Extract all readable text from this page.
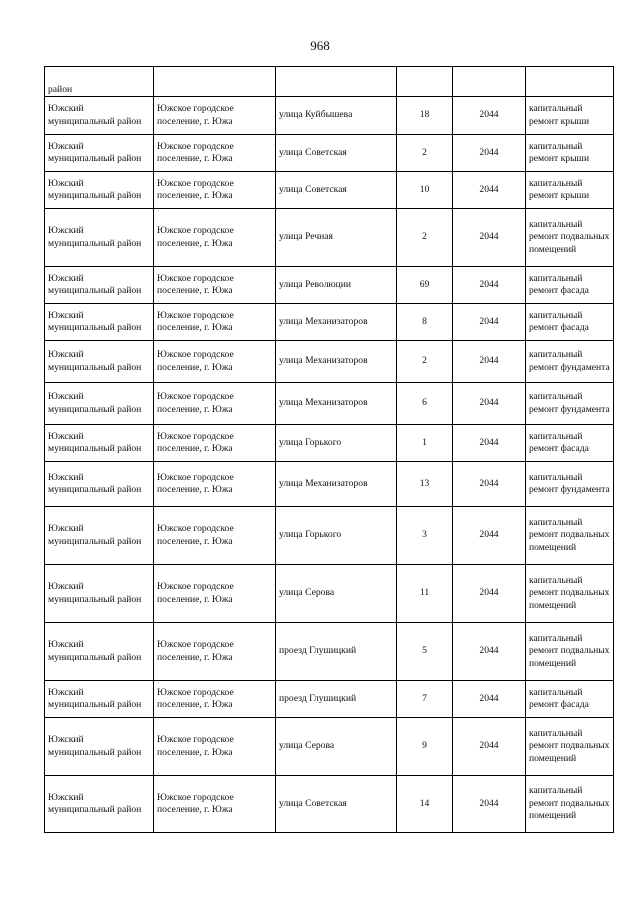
968
район					
Южский муниципальный район	Южское городское поселение, г. Южа	улица Куйбышева	18	2044	капитальный ремонт крыши
Южский муниципальный район	Южское городское поселение, г. Южа	улица Советская	2	2044	капитальный ремонт крыши
Южский муниципальный район	Южское городское поселение, г. Южа	улица Советская	10	2044	капитальный ремонт крыши
Южский муниципальный район	Южское городское поселение, г. Южа	улица Речная	2	2044	капитальный ремонт подвальных помещений
Южский муниципальный район	Южское городское поселение, г. Южа	улица Революции	69	2044	капитальный ремонт фасада
Южский муниципальный район	Южское городское поселение, г. Южа	улица Механизаторов	8	2044	капитальный ремонт фасада
Южский муниципальный район	Южское городское поселение, г. Южа	улица Механизаторов	2	2044	капитальный ремонт фундамента
Южский муниципальный район	Южское городское поселение, г. Южа	улица Механизаторов	6	2044	капитальный ремонт фундамента
Южский муниципальный район	Южское городское поселение, г. Южа	улица Горького	1	2044	капитальный ремонт фасада
Южский муниципальный район	Южское городское поселение, г. Южа	улица Механизаторов	13	2044	капитальный ремонт фундамента
Южский муниципальный район	Южское городское поселение, г. Южа	улица Горького	3	2044	капитальный ремонт подвальных помещений
Южский муниципальный район	Южское городское поселение, г. Южа	улица Серова	11	2044	капитальный ремонт подвальных помещений
Южский муниципальный район	Южское городское поселение, г. Южа	проезд Глушицкий	5	2044	капитальный ремонт подвальных помещений
Южский муниципальный район	Южское городское поселение, г. Южа	проезд Глушицкий	7	2044	капитальный ремонт фасада
Южский муниципальный район	Южское городское поселение, г. Южа	улица Серова	9	2044	капитальный ремонт подвальных помещений
Южский муниципальный район	Южское городское поселение, г. Южа	улица Советская	14	2044	капитальный ремонт подвальных помещений
